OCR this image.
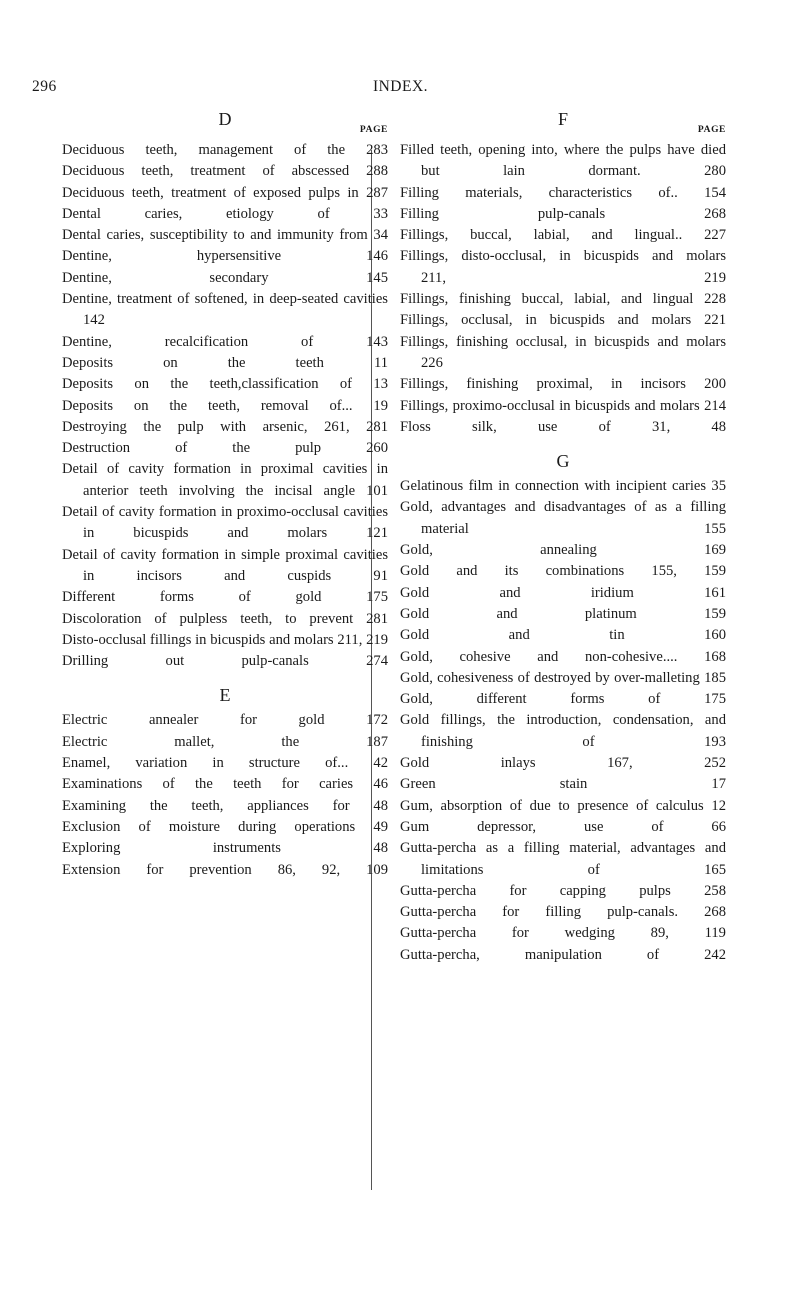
296	INDEX.
D
PAGE
Deciduous teeth, management of the 283
Deciduous teeth, treatment of abscessed 288
Deciduous teeth, treatment of exposed pulps in 287
Dental caries, etiology of	33
Dental caries, susceptibility to and immunity from 34
Dentine, hypersensitive	146
Dentine, secondary	145
Dentine, treatment of softened, in deep-seated cavities 142
Dentine, recalcification of	143
Deposits on the teeth	11
Deposits on the teeth,classification of 13
Deposits on the teeth, removal of... 19
Destroying the pulp with arsenic, 261, 281
Destruction of the pulp	260
Detail of cavity formation in proximal cavities in anterior teeth involving the incisal angle 101
Detail of cavity formation in proximo-occlusal cavities in bicuspids and molars	121
Detail of cavity formation in simple proximal cavities in incisors and cuspids	91
Different forms of gold	175
Discoloration of pulpless teeth, to prevent 281
Disto-occlusal fillings in bicuspids and molars 211, 219
Drilling out pulp-canals	274
E
Electric annealer for gold	172
Electric mallet, the	187
Enamel, variation in structure of... 42
Examinations of the teeth for caries 46
Examining the teeth, appliances for 48
Exclusion of moisture during operations 49
Exploring instruments	48
Extension for prevention 86, 92, 109
F
PAGE
Filled teeth, opening into, where the pulps have died but lain dormant.	280
Filling materials, characteristics of.. 154
Filling pulp-canals	268
Fillings, buccal, labial, and lingual.. 227
Fillings, disto-occlusal, in bicuspids and molars 211, 219
Fillings, finishing buccal, labial, and lingual 228
Fillings, occlusal, in bicuspids and molars 221
Fillings, finishing occlusal, in bicuspids and molars 226
Fillings, finishing proximal, in incisors 200
Fillings, proximo-occlusal in bicuspids and molars 214
Floss silk, use of	31, 48
G
Gelatinous film in connection with incipient caries 35
Gold, advantages and disadvantages of as a filling material	155
Gold, annealing	169
Gold and its combinations 155, 159
Gold and iridium	161
Gold and platinum	159
Gold and tin	160
Gold, cohesive and non-cohesive.... 168
Gold, cohesiveness of destroyed by over-malleting 185
Gold, different forms of	175
Gold fillings, the introduction, condensation, and finishing of	193
Gold inlays	167, 252
Green stain	17
Gum, absorption of due to presence of calculus 12
Gum depressor, use of	66
Gutta-percha as a filling material, advantages and limitations of	165
Gutta-percha for capping pulps 258
Gutta-percha for filling pulp-canals. 268
Gutta-percha for wedging 89, 119
Gutta-percha, manipulation of	242
